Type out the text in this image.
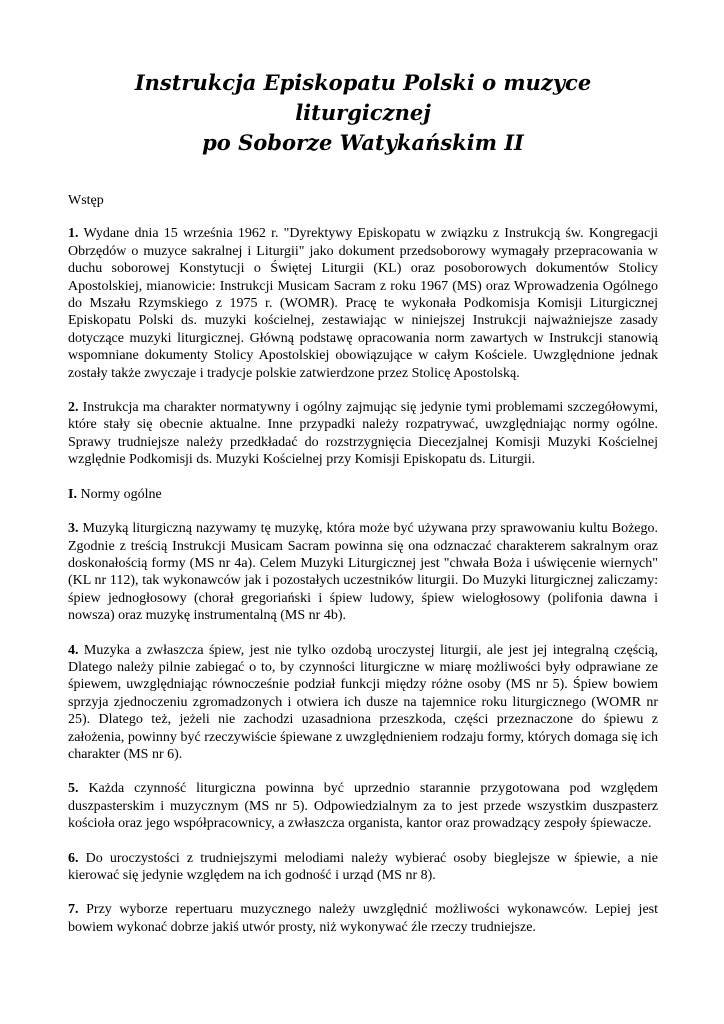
Instrukcja Episkopatu Polski o muzyce liturgicznej
po Soborze Watykańskim II

Wstęp

1. Wydane dnia 15 września 1962 r. "Dyrektywy Episkopatu w związku z Instrukcją św. Kongregacji Obrzędów o muzyce sakralnej i Liturgii" jako dokument przedsoborowy wymagały przepracowania w duchu soborowej Konstytucji o Świętej Liturgii (KL) oraz posoborowych dokumentów Stolicy Apostolskiej, mianowicie: Instrukcji Musicam Sacram z roku 1967 (MS) oraz Wprowadzenia Ogólnego do Mszału Rzymskiego z 1975 r. (WOMR). Pracę te wykonała Podkomisja Komisji Liturgicznej Episkopatu Polski ds. muzyki kościelnej, zestawiając w niniejszej Instrukcji najważniejsze zasady dotyczące muzyki liturgicznej. Główną podstawę opracowania norm zawartych w Instrukcji stanowią wspomniane dokumenty Stolicy Apostolskiej obowiązujące w całym Kościele. Uwzględnione jednak zostały także zwyczaje i tradycje polskie zatwierdzone przez Stolicę Apostolską.

2. Instrukcja ma charakter normatywny i ogólny zajmując się jedynie tymi problemami szczegółowymi, które stały się obecnie aktualne. Inne przypadki należy rozpatrywać, uwzględniając normy ogólne. Sprawy trudniejsze należy przedkładać do rozstrzygnięcia Diecezjalnej Komisji Muzyki Kościelnej względnie Podkomisji ds. Muzyki Kościelnej przy Komisji Episkopatu ds. Liturgii.

I. Normy ogólne

3. Muzyką liturgiczną nazywamy tę muzykę, która może być używana przy sprawowaniu kultu Bożego. Zgodnie z treścią Instrukcji Musicam Sacram powinna się ona odznaczać charakterem sakralnym oraz doskonałością formy (MS nr 4a). Celem Muzyki Liturgicznej jest "chwała Boża i uświęcenie wiernych" (KL nr 112), tak wykonawców jak i pozostałych uczestników liturgii. Do Muzyki liturgicznej zaliczamy: śpiew jednogłosowy (chorał gregoriański i śpiew ludowy, śpiew wielogłosowy (polifonia dawna i nowsza) oraz muzykę instrumentalną (MS nr 4b).

4. Muzyka a zwłaszcza śpiew, jest nie tylko ozdobą uroczystej liturgii, ale jest jej integralną częścią, Dlatego należy pilnie zabiegać o to, by czynności liturgiczne w miarę możliwości były odprawiane ze śpiewem, uwzględniając równocześnie podział funkcji między różne osoby (MS nr 5). Śpiew bowiem sprzyja zjednoczeniu zgromadzonych i otwiera ich dusze na tajemnice roku liturgicznego (WOMR nr 25). Dlatego też, jeżeli nie zachodzi uzasadniona przeszkoda, części przeznaczone do śpiewu z założenia, powinny być rzeczywiście śpiewane z uwzględnieniem rodzaju formy, których domaga się ich charakter (MS nr 6).

5. Każda czynność liturgiczna powinna być uprzednio starannie przygotowana pod względem duszpasterskim i muzycznym (MS nr 5). Odpowiedzialnym za to jest przede wszystkim duszpasterz kościoła oraz jego współpracownicy, a zwłaszcza organista, kantor oraz prowadzący zespoły śpiewacze.

6. Do uroczystości z trudniejszymi melodiami należy wybierać osoby bieglejsze w śpiewie, a nie kierować się jedynie względem na ich godność i urząd (MS nr 8).

7. Przy wyborze repertuaru muzycznego należy uwzględnić możliwości wykonawców. Lepiej jest bowiem wykonać dobrze jakiś utwór prosty, niż wykonywać źle rzeczy trudniejsze.
